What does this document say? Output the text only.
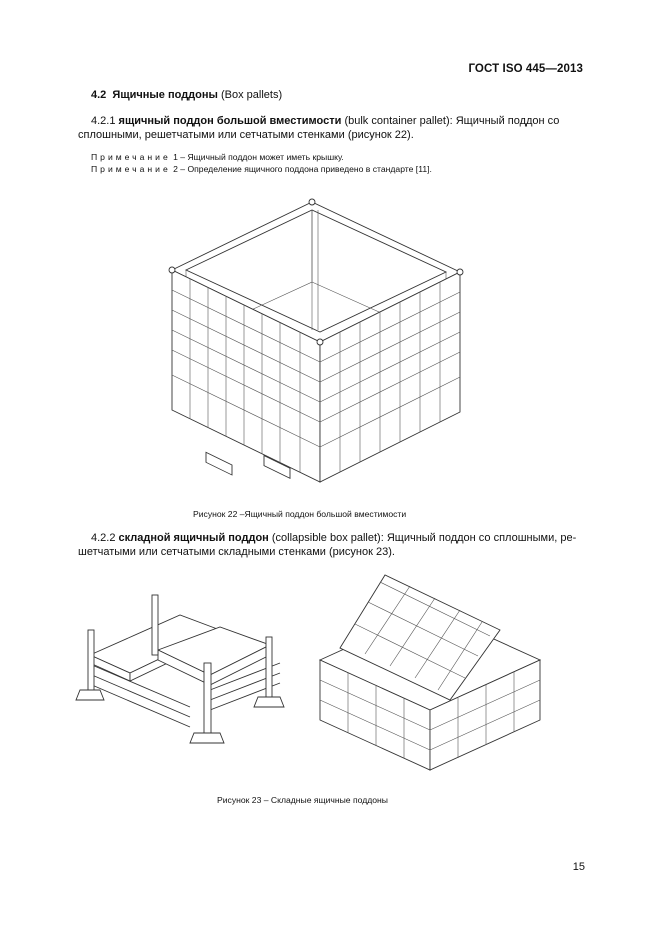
ГОСТ ISO 445—2013
4.2 Ящичные поддоны (Box pallets)
4.2.1 ящичный поддон большой вместимости (bulk container pallet): Ящичный поддон со
сплошными, решетчатыми или сетчатыми стенками (рисунок 22).
Примечание 1 – Ящичный поддон может иметь крышку.
Примечание 2 – Определение ящичного поддона приведено в стандарте [11].
Рисунок 22 –Ящичный поддон большой вместимости
4.2.2 складной ящичный поддон (collapsible box pallet): Ящичный поддон со сплошными, ре-
шетчатыми или сетчатыми складными стенками (рисунок 23).
Рисунок 23 – Складные ящичные поддоны
15
